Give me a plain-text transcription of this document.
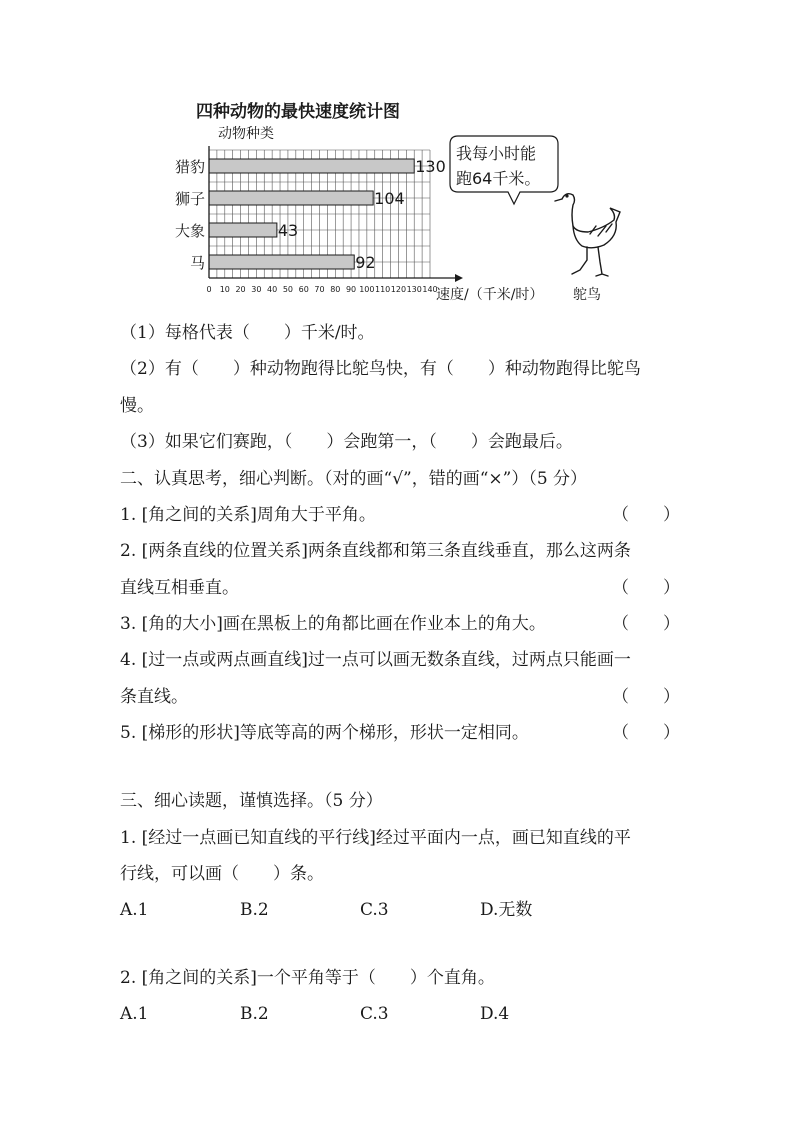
四种动物的最快速度统计图
动物种类
130
猎豹
104
狮子
43
大象
92
马
0 10 20 30 40 50 60 70 80 90 100 110 120 130 140
速度/（千米/时）
我每小时能
跑64千米。
鸵鸟
（1）每格代表（　　）千米/时。
（2）有（　　）种动物跑得比鸵鸟快，有（　　）种动物跑得比鸵鸟
慢。
（3）如果它们赛跑，（　　）会跑第一，（　　）会跑最后。
二、认真思考，细心判断。（对的画“√”，错的画“×”）（5 分）
1. [角之间的关系]周角大于平角。	（　　）
2. [两条直线的位置关系]两条直线都和第三条直线垂直，那么这两条
直线互相垂直。	（　　）
3. [角的大小]画在黑板上的角都比画在作业本上的角大。	（　　）
4. [过一点或两点画直线]过一点可以画无数条直线，过两点只能画一
条直线。	（　　）
5. [梯形的形状]等底等高的两个梯形，形状一定相同。	（　　）
三、细心读题，谨慎选择。（5 分）
1. [经过一点画已知直线的平行线]经过平面内一点，画已知直线的平
行线，可以画（　　）条。
A.1	B.2	C.3	D.无数
2. [角之间的关系]一个平角等于（　　）个直角。
A.1	B.2	C.3	D.4
